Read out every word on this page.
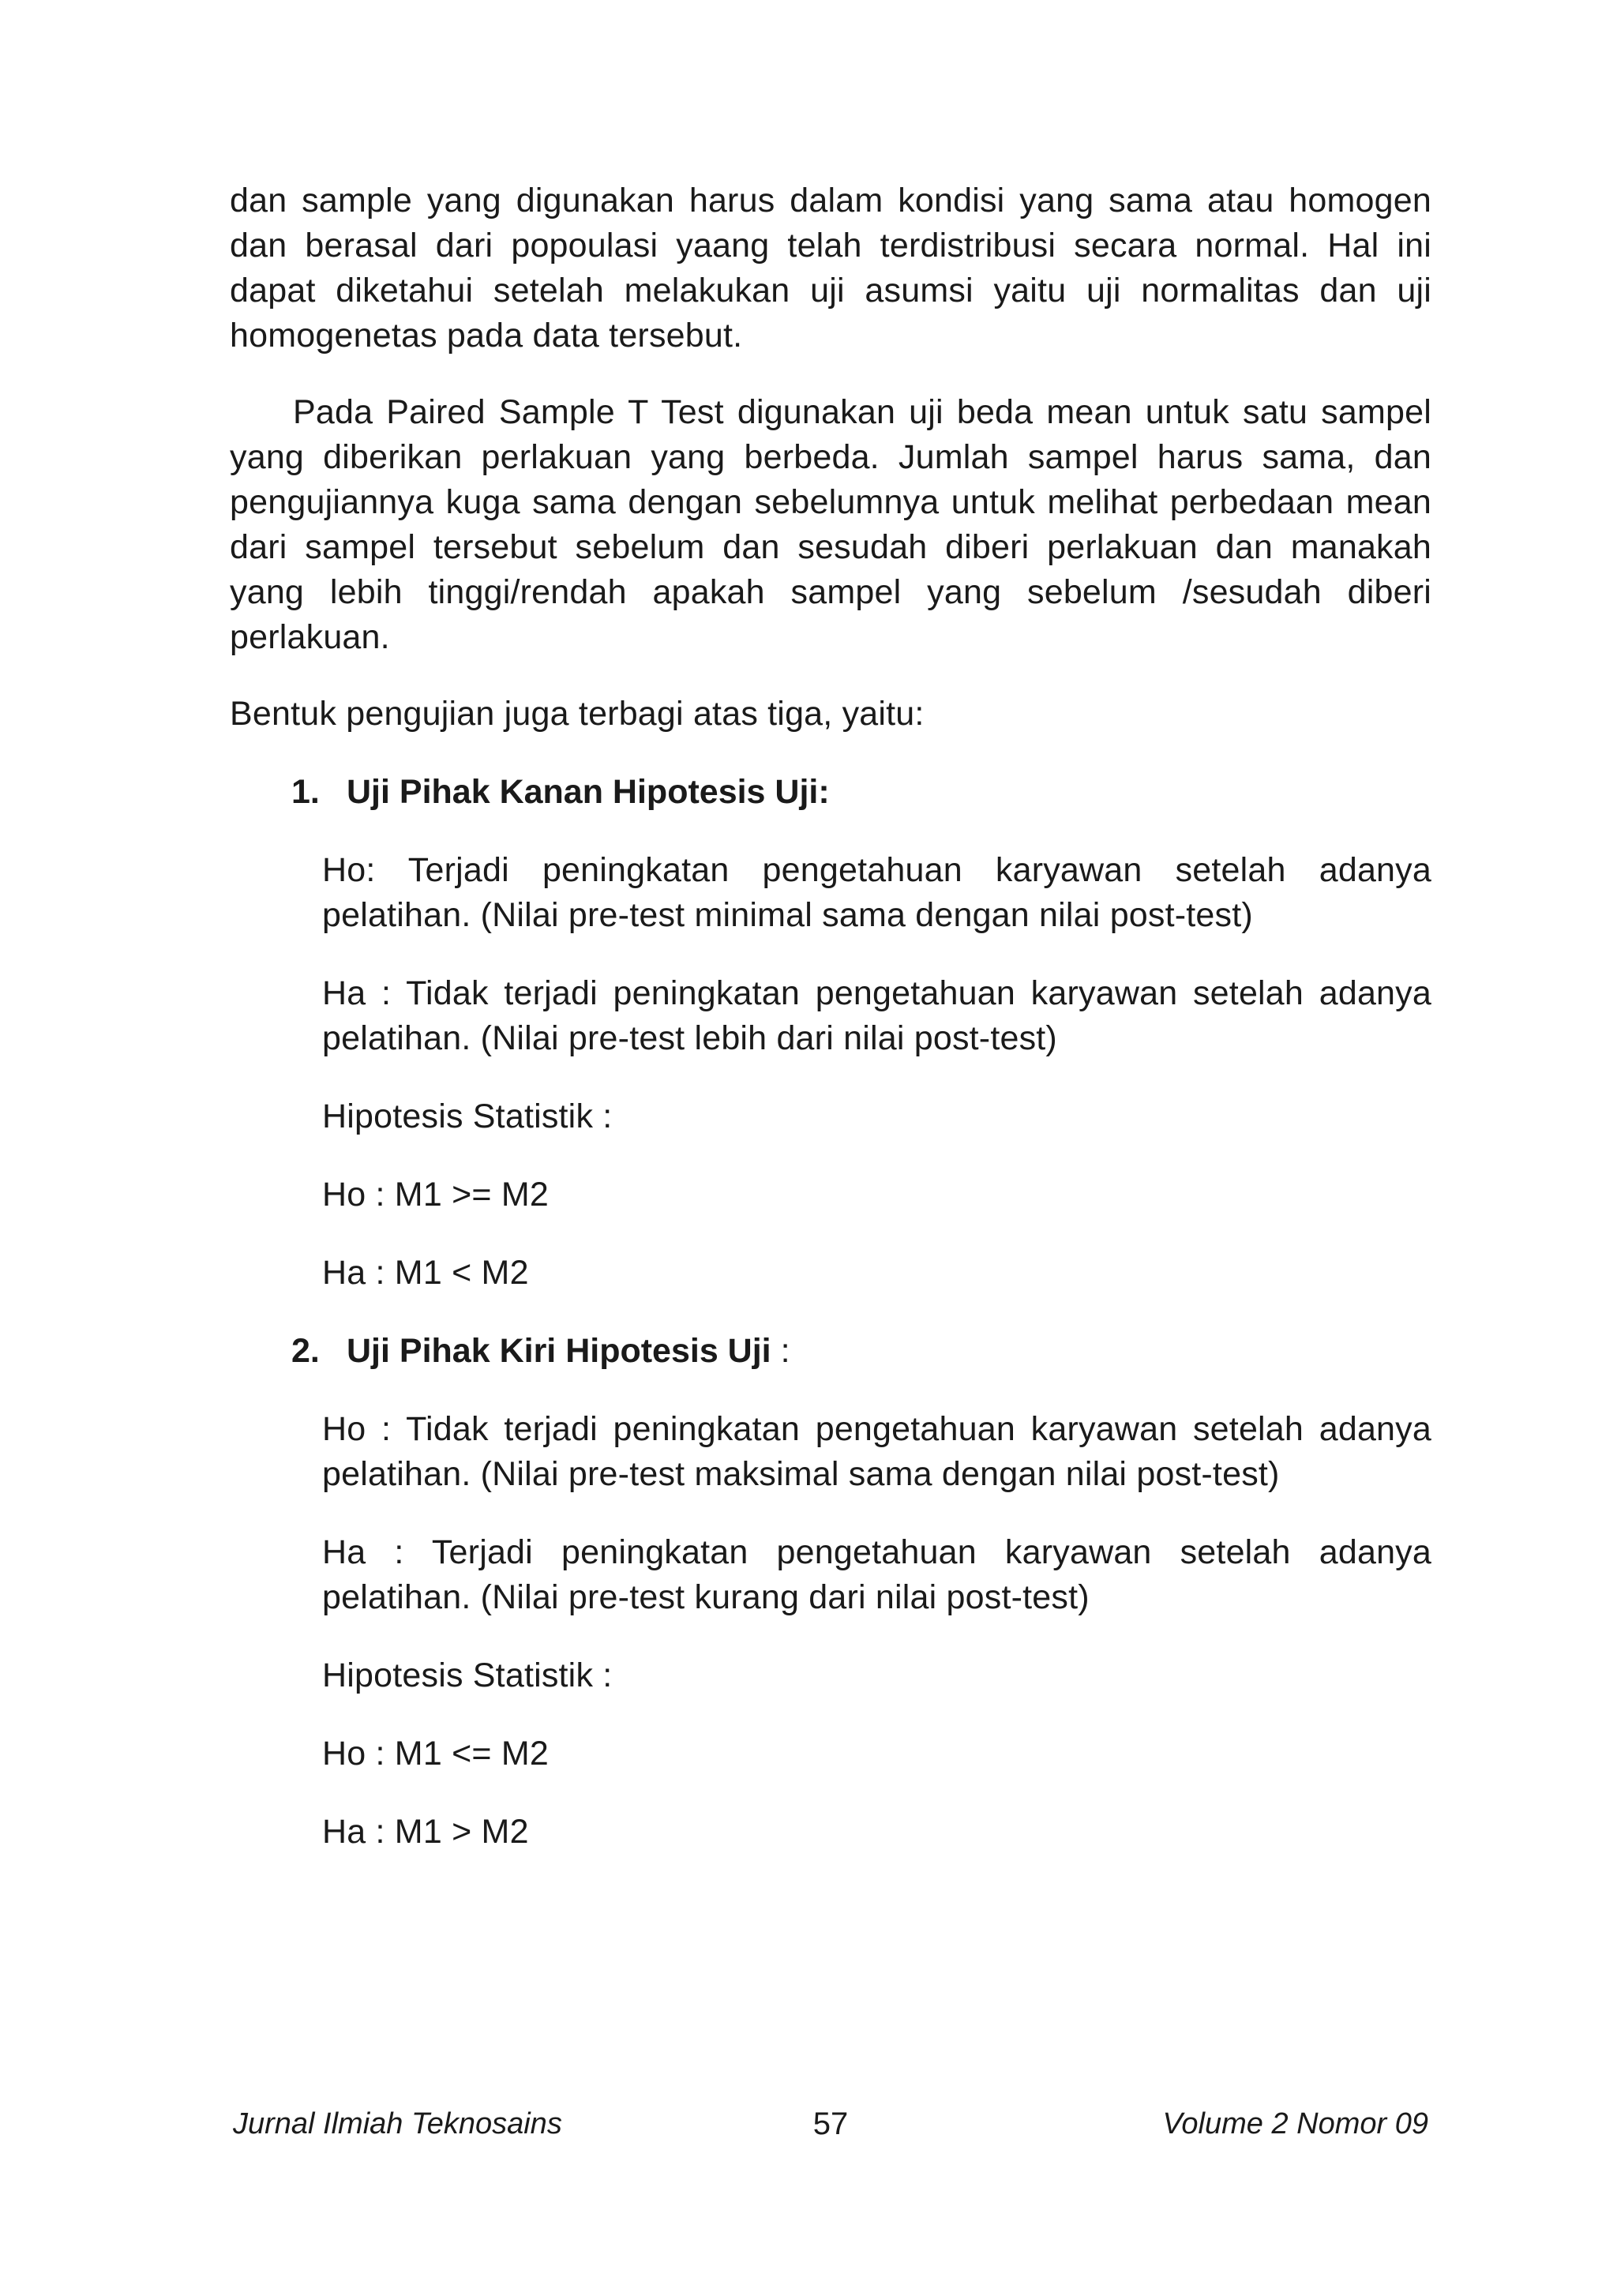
dan sample yang digunakan harus dalam kondisi yang sama atau homogen dan berasal dari popoulasi yaang telah terdistribusi secara normal. Hal ini dapat diketahui setelah melakukan uji asumsi yaitu uji normalitas dan uji homogenetas pada data tersebut.

Pada Paired Sample T Test digunakan uji beda mean untuk satu sampel yang diberikan perlakuan yang berbeda. Jumlah sampel harus sama, dan pengujiannya kuga sama dengan sebelumnya untuk melihat perbedaan mean dari sampel tersebut sebelum dan sesudah diberi perlakuan dan manakah yang lebih tinggi/rendah apakah sampel yang sebelum /sesudah diberi perlakuan.

Bentuk pengujian juga terbagi atas tiga, yaitu:

1. Uji Pihak Kanan Hipotesis Uji:
Ho: Terjadi peningkatan pengetahuan karyawan setelah adanya pelatihan. (Nilai pre-test minimal sama dengan nilai post-test)
Ha : Tidak terjadi peningkatan pengetahuan karyawan setelah adanya pelatihan. (Nilai pre-test lebih dari nilai post-test)
Hipotesis Statistik :
Ho : M1 >= M2
Ha : M1 < M2
2. Uji Pihak Kiri Hipotesis Uji :
Ho : Tidak terjadi peningkatan pengetahuan karyawan setelah adanya pelatihan. (Nilai pre-test maksimal sama dengan nilai post-test)
Ha : Terjadi peningkatan pengetahuan karyawan setelah adanya pelatihan. (Nilai pre-test kurang dari nilai post-test)
Hipotesis Statistik :
Ho : M1 <= M2
Ha : M1 > M2
Jurnal Ilmiah Teknosains	57	Volume 2 Nomor 09
